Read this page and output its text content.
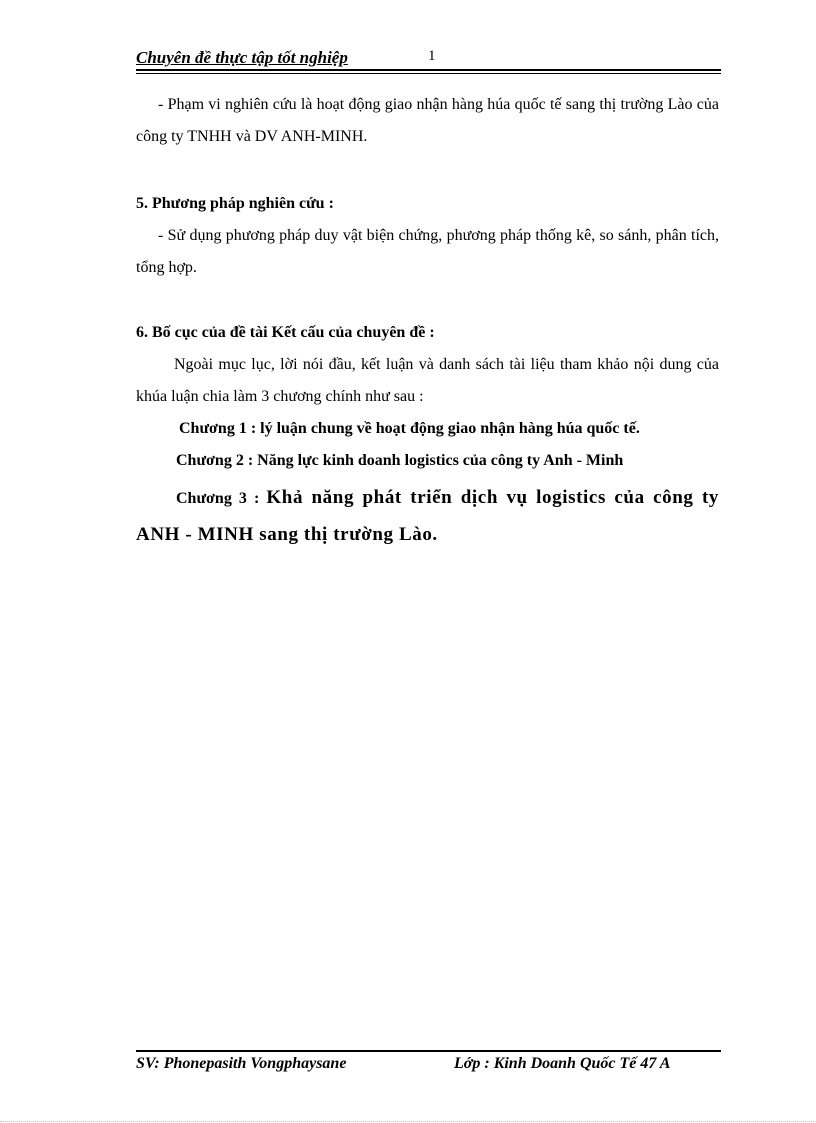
Chuyên đề thực tập tốt nghiệp	1

- Phạm vi nghiên cứu là hoạt động giao nhận hàng húa quốc tế sang thị trường Lào của công ty TNHH và DV ANH-MINH.

5. Phương pháp nghiên cứu :

- Sử dụng phương pháp duy vật biện chứng, phương pháp thống kê, so sánh, phân tích, tổng hợp.

6. Bố cục của đề tài Kết cấu của chuyên đề :

Ngoài mục lục, lời nói đầu, kết luận và danh sách tài liệu tham khảo nội dung của khúa luận chia làm 3 chương chính như sau :

Chương 1 : lý luận chung về hoạt động giao nhận hàng húa quốc tế.

Chương 2 : Năng lực kinh doanh logistics của công ty Anh - Minh

Chương 3 : Khả năng phát triển dịch vụ logistics của công ty ANH - MINH sang thị trường Lào.

SV: Phonepasith Vongphaysane	Lớp : Kinh Doanh Quốc Tế 47 A
